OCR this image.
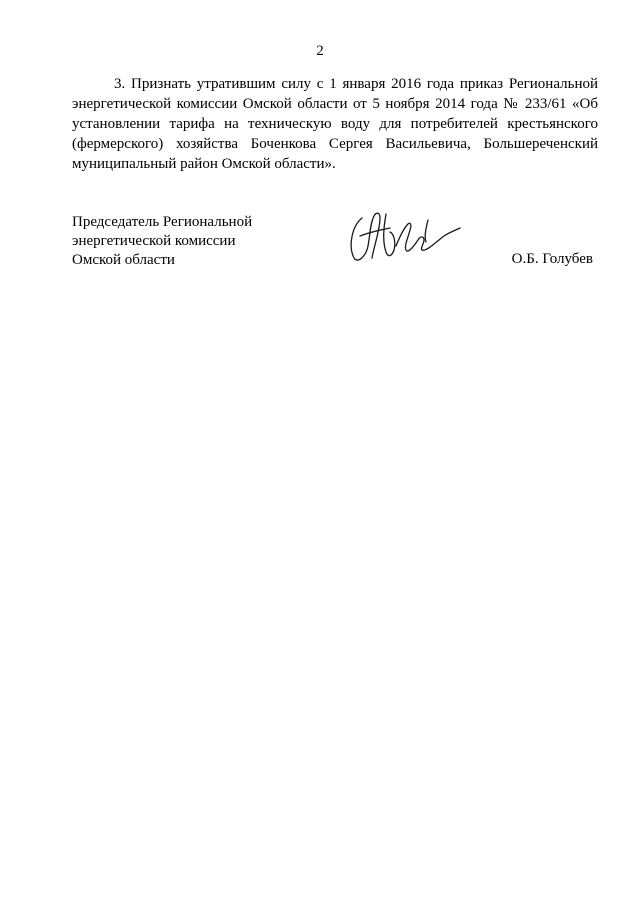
2

3. Признать утратившим силу с 1 января 2016 года приказ Региональной энергетической комиссии Омской области от 5 ноября 2014 года № 233/61 «Об установлении тарифа на техническую воду для потребителей крестьянского (фермерского) хозяйства Боченкова Сергея Васильевича, Большереченский муниципальный район Омской области».

Председатель Региональной
энергетической комиссии
Омской области	О.Б. Голубев
